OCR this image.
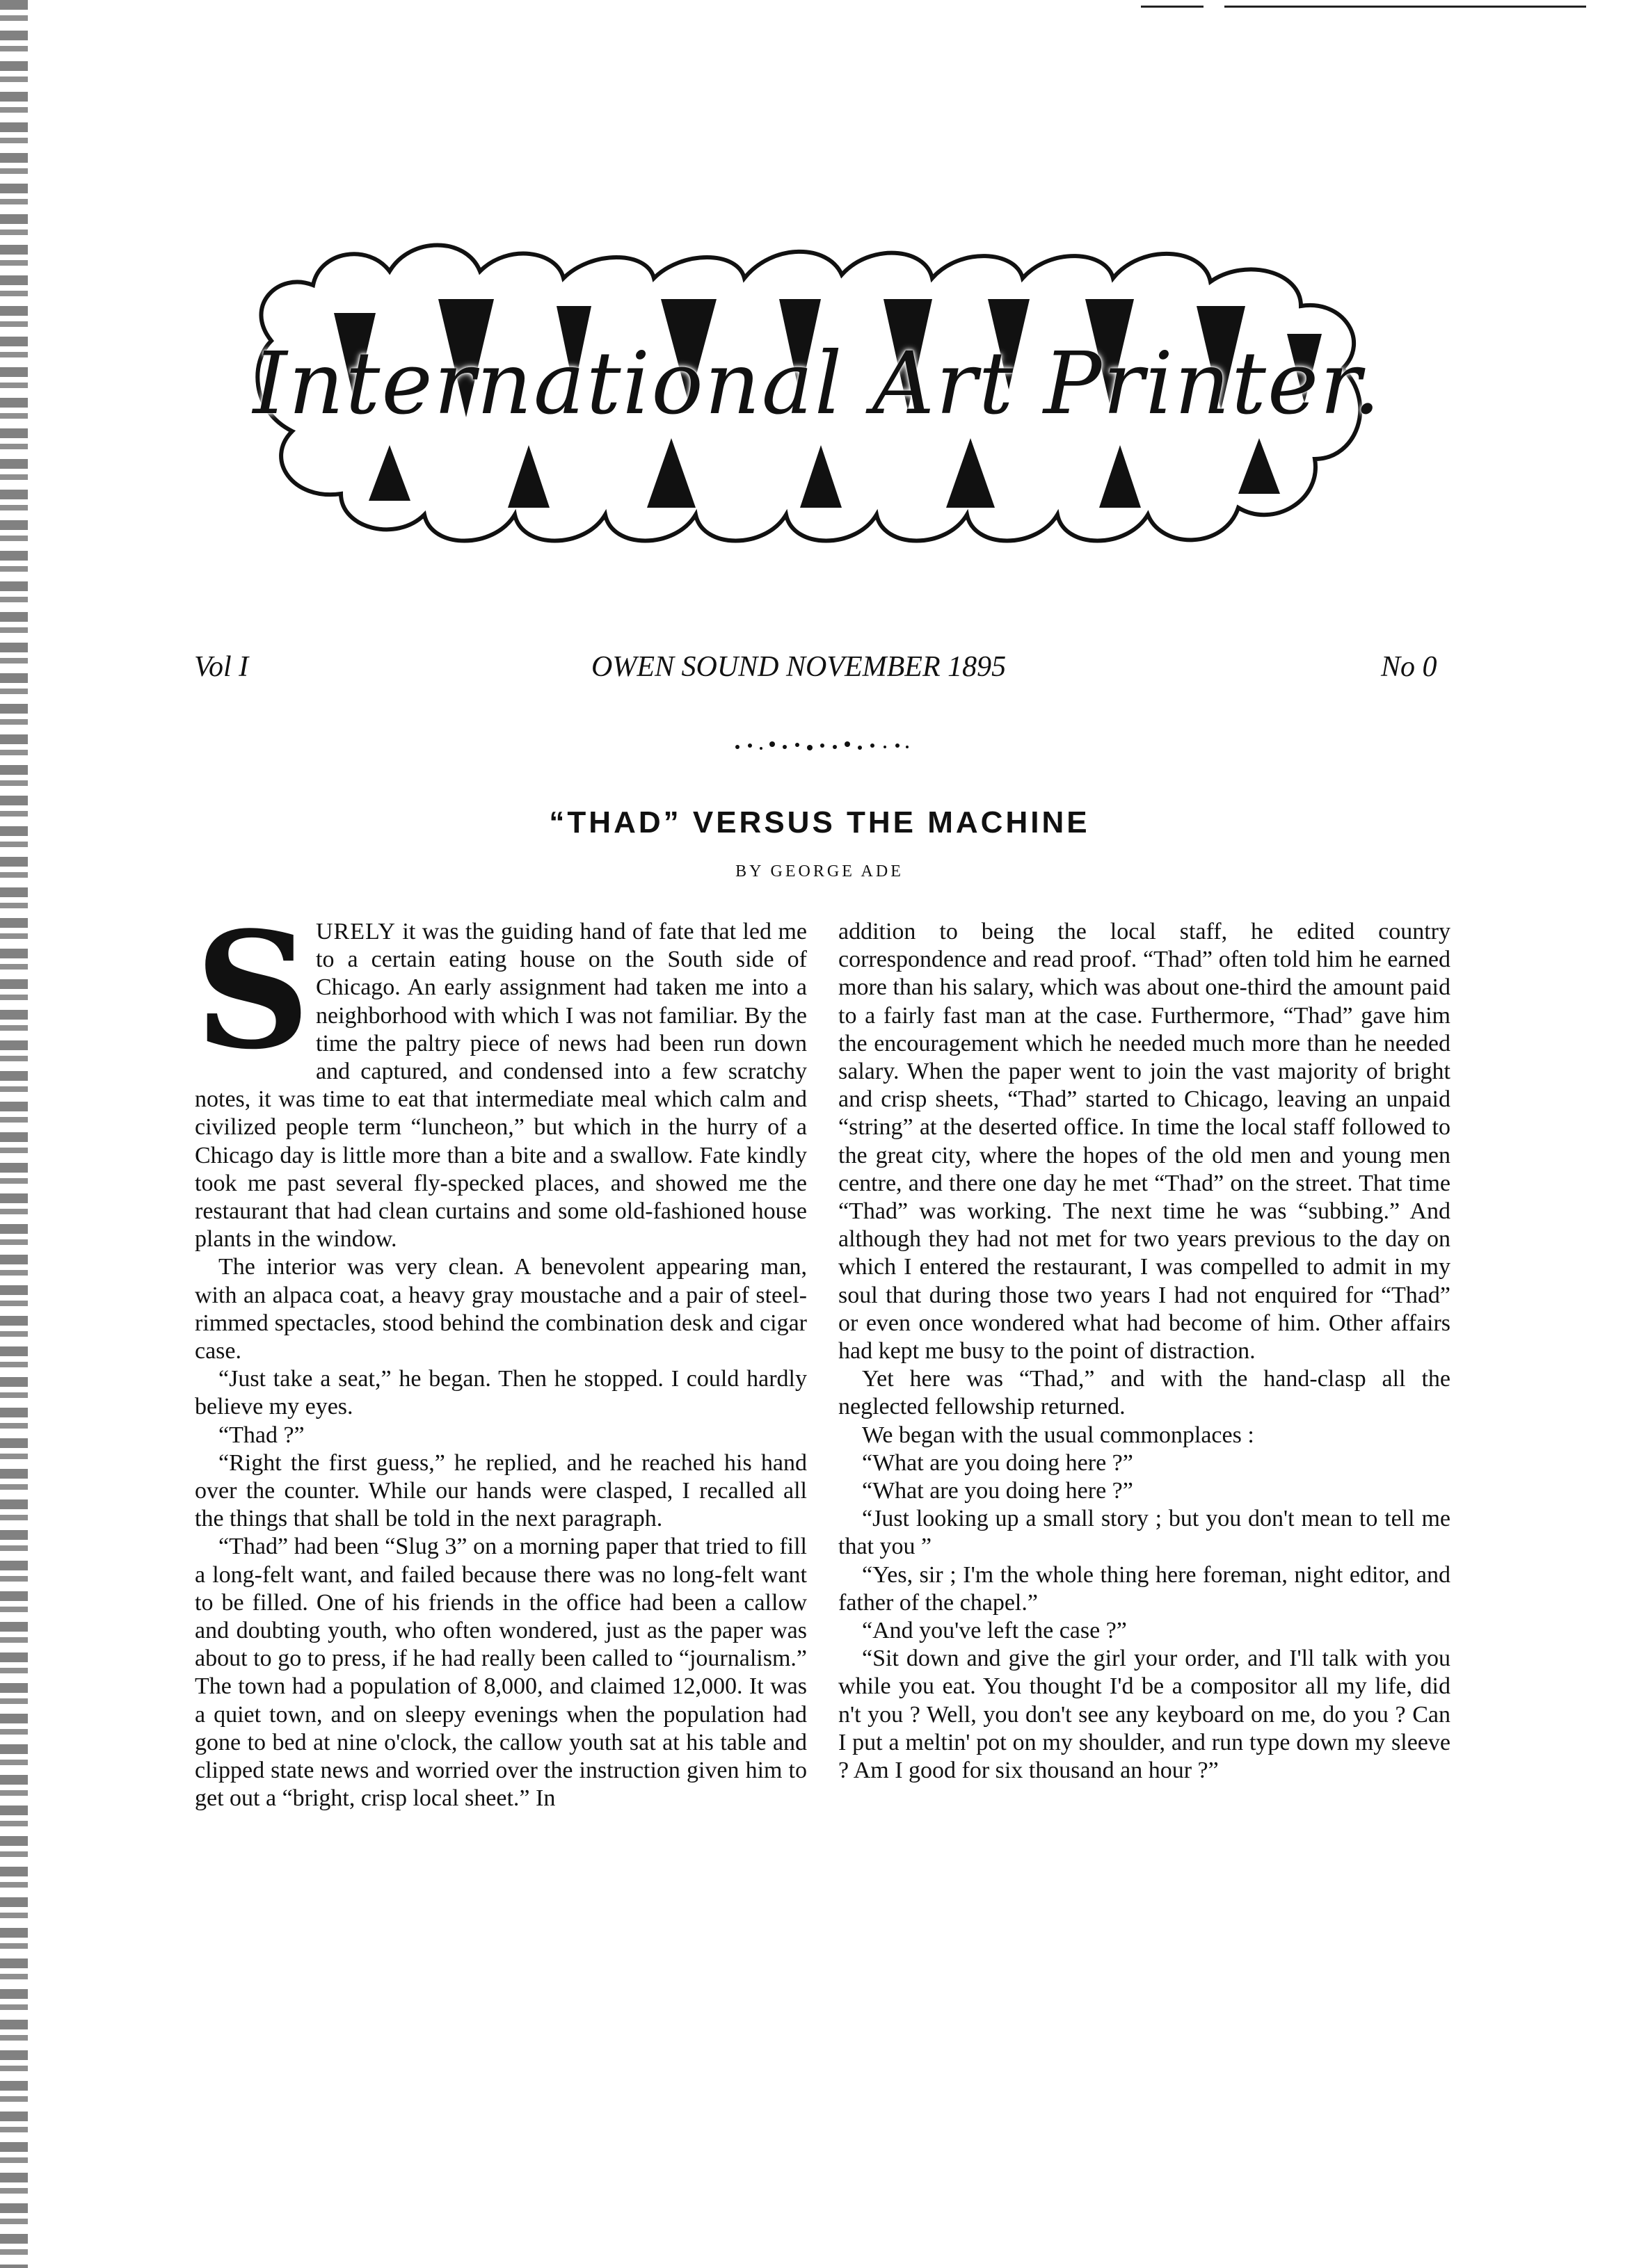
International Art Printer.
Vol I	OWEN SOUND NOVEMBER 1895	No 0
“THAD” VERSUS THE MACHINE
BY GEORGE ADE

SURELY it was the guiding hand of fate that led me to a certain eating house on the South side of Chicago. An early assignment had taken me into a neighborhood with which I was not familiar. By the time the paltry piece of news had been run down and captured, and condensed into a few scratchy notes, it was time to eat that intermediate meal which calm and civilized people term “luncheon,” but which in the hurry of a Chicago day is little more than a bite and a swallow. Fate kindly took me past several fly-specked places, and showed me the restaurant that had clean curtains and some old-fashioned house plants in the window.

The interior was very clean. A benevolent appearing man, with an alpaca coat, a heavy gray moustache and a pair of steel-rimmed spectacles, stood behind the combination desk and cigar case.

“Just take a seat,” he began. Then he stopped. I could hardly believe my eyes.

“Thad ?”

“Right the first guess,” he replied, and he reached his hand over the counter. While our hands were clasped, I recalled all the things that shall be told in the next paragraph.

“Thad” had been “Slug 3” on a morning paper that tried to fill a long-felt want, and failed because there was no long-felt want to be filled. One of his friends in the office had been a callow and doubting youth, who often wondered, just as the paper was about to go to press, if he had really been called to “journalism.” The town had a population of 8,000, and claimed 12,000. It was a quiet town, and on sleepy evenings when the population had gone to bed at nine o'clock, the callow youth sat at his table and clipped state news and worried over the instruction given him to get out a “bright, crisp local sheet.” In

addition to being the local staff, he edited country correspondence and read proof. “Thad” often told him he earned more than his salary, which was about one-third the amount paid to a fairly fast man at the case. Furthermore, “Thad” gave him the encouragement which he needed much more than he needed salary. When the paper went to join the vast majority of bright and crisp sheets, “Thad” started to Chicago, leaving an unpaid “string” at the deserted office. In time the local staff followed to the great city, where the hopes of the old men and young men centre, and there one day he met “Thad” on the street. That time “Thad” was working. The next time he was “subbing.” And although they had not met for two years previous to the day on which I entered the restaurant, I was compelled to admit in my soul that during those two years I had not enquired for “Thad” or even once wondered what had become of him. Other affairs had kept me busy to the point of distraction.

Yet here was “Thad,” and with the hand-clasp all the neglected fellowship returned.

We began with the usual commonplaces :

“What are you doing here ?”

“What are you doing here ?”

“Just looking up a small story ; but you don't mean to tell me that you ”

“Yes, sir ; I'm the whole thing here foreman, night editor, and father of the chapel.”

“And you've left the case ?”

“Sit down and give the girl your order, and I'll talk with you while you eat. You thought I'd be a compositor all my life, did n't you ? Well, you don't see any keyboard on me, do you ? Can I put a meltin' pot on my shoulder, and run type down my sleeve ? Am I good for six thousand an hour ?”
